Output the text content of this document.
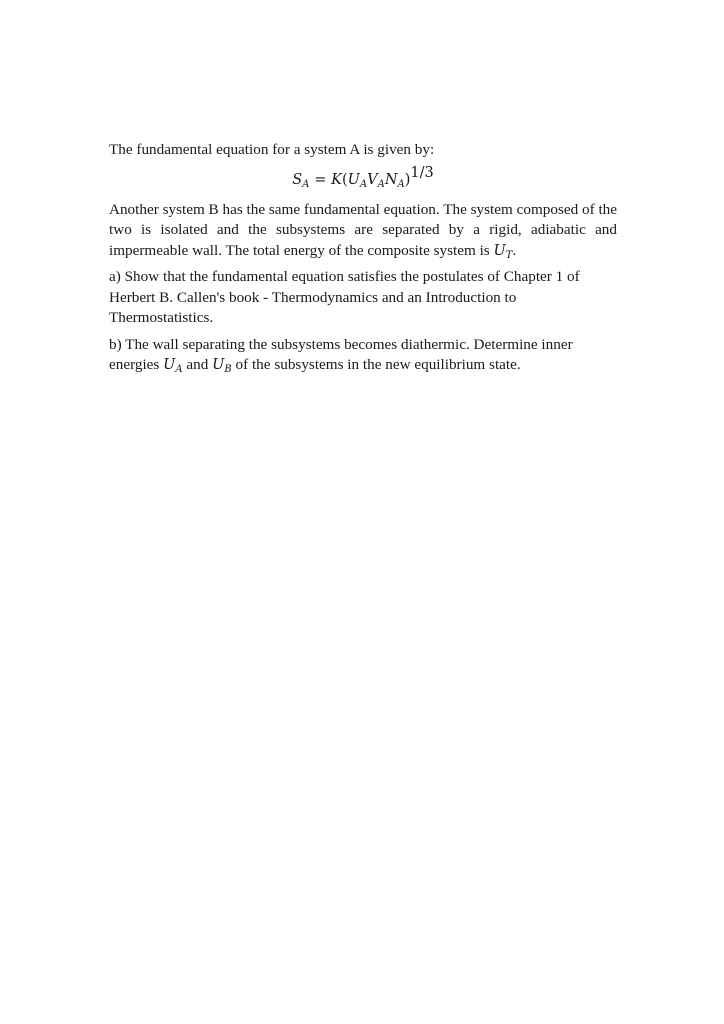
The fundamental equation for a system A is given by:

$S_A = K(U_AV_AN_A)^{1/3}$

Another system B has the same fundamental equation. The system composed of the two is isolated and the subsystems are separated by a rigid, adiabatic and impermeable wall. The total energy of the composite system is $U_T$.

a) Show that the fundamental equation satisfies the postulates of Chapter 1 of Herbert B. Callen's book - Thermodynamics and an Introduction to Thermostatistics.

b) The wall separating the subsystems becomes diathermic. Determine inner energies $U_A$ and $U_B$ of the subsystems in the new equilibrium state.
